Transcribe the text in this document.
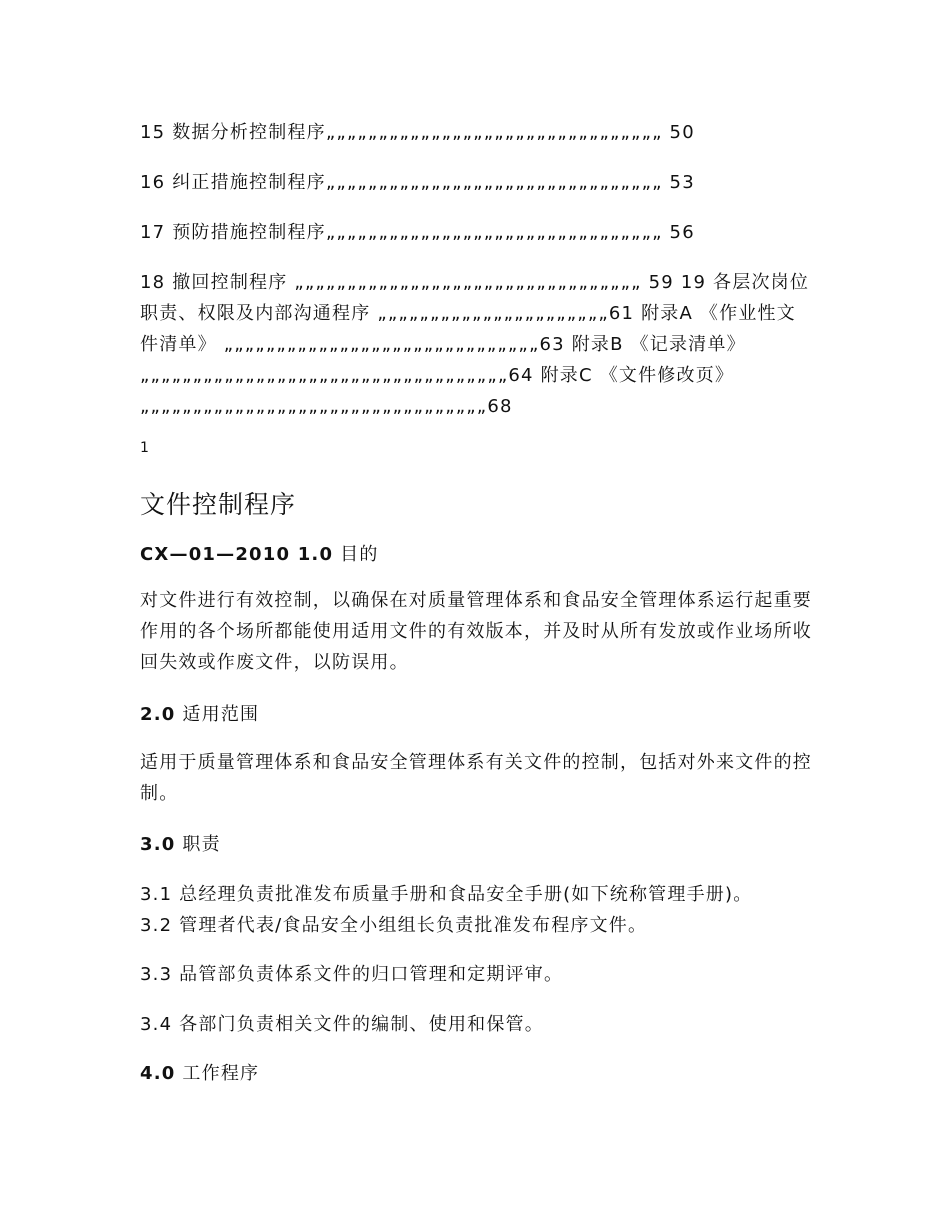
15 数据分析控制程序„„„„„„„„„„„„„„„„„„„„„„„„„„„„„„„„ 50
16 纠正措施控制程序„„„„„„„„„„„„„„„„„„„„„„„„„„„„„„„„ 53
17 预防措施控制程序„„„„„„„„„„„„„„„„„„„„„„„„„„„„„„„„ 56
18 撤回控制程序 „„„„„„„„„„„„„„„„„„„„„„„„„„„„„„„„„ 59 19 各层次岗位职责、权限及内部沟通程序 „„„„„„„„„„„„„„„„„„„„„„61 附录A 《作业性文件清单》 „„„„„„„„„„„„„„„„„„„„„„„„„„„„„„63 附录B 《记录清单》 „„„„„„„„„„„„„„„„„„„„„„„„„„„„„„„„„„„64 附录C 《文件修改页》„„„„„„„„„„„„„„„„„„„„„„„„„„„„„„„„„68
1
文件控制程序
CX—01—2010 1.0 目的
对文件进行有效控制，以确保在对质量管理体系和食品安全管理体系运行起重要作用的各个场所都能使用适用文件的有效版本，并及时从所有发放或作业场所收回失效或作废文件，以防误用。
2.0 适用范围
适用于质量管理体系和食品安全管理体系有关文件的控制，包括对外来文件的控制。
3.0 职责
3.1 总经理负责批准发布质量手册和食品安全手册(如下统称管理手册)。
3.2 管理者代表/食品安全小组组长负责批准发布程序文件。
3.3 品管部负责体系文件的归口管理和定期评审。
3.4 各部门负责相关文件的编制、使用和保管。
4.0 工作程序
